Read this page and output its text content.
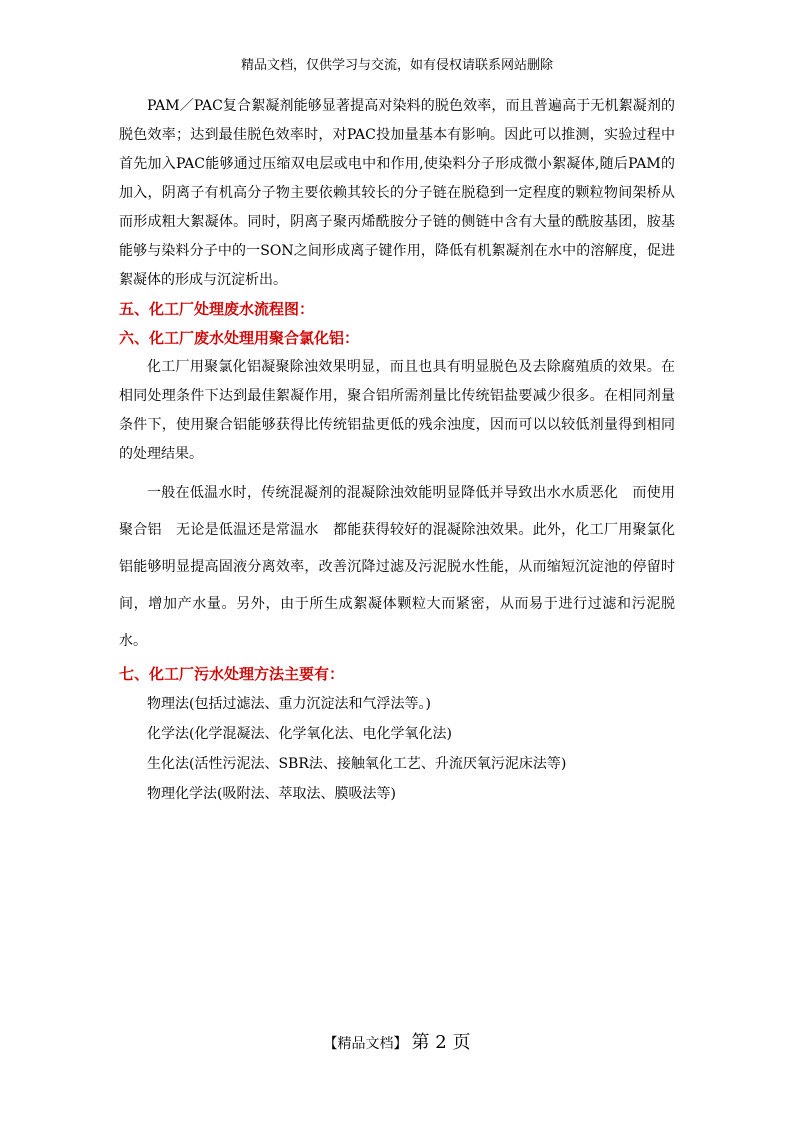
精品文档，仅供学习与交流，如有侵权请联系网站删除

PAM／PAC复合絮凝剂能够显著提高对染料的脱色效率，而且普遍高于无机絮凝剂的脱色效率；达到最佳脱色效率时，对PAC投加量基本有影响。因此可以推测，实验过程中首先加入PAC能够通过压缩双电层或电中和作用,使染料分子形成微小絮凝体,随后PAM的加入，阴离子有机高分子物主要依赖其较长的分子链在脱稳到一定程度的颗粒物间架桥从而形成粗大絮凝体。同时，阴离子聚丙烯酰胺分子链的侧链中含有大量的酰胺基团，胺基能够与染料分子中的一SON之间形成离子键作用，降低有机絮凝剂在水中的溶解度，促进絮凝体的形成与沉淀析出。

五、化工厂处理废水流程图：

六、化工厂废水处理用聚合氯化铝：

化工厂用聚氯化铝凝聚除浊效果明显，而且也具有明显脱色及去除腐殖质的效果。在相同处理条件下达到最佳絮凝作用，聚合铝所需剂量比传统铝盐要减少很多。在相同剂量条件下，使用聚合铝能够获得比传统铝盐更低的残余浊度，因而可以以较低剂量得到相同的处理结果。

一般在低温水时，传统混凝剂的混凝除浊效能明显降低并导致出水水质恶化　而使用聚合铝　无论是低温还是常温水　都能获得较好的混凝除浊效果。此外，化工厂用聚氯化铝能够明显提高固液分离效率，改善沉降过滤及污泥脱水性能，从而缩短沉淀池的停留时间，增加产水量。另外，由于所生成絮凝体颗粒大而紧密，从而易于进行过滤和污泥脱水。

七、化工厂污水处理方法主要有：

物理法(包括过滤法、重力沉淀法和气浮法等。)

化学法(化学混凝法、化学氧化法、电化学氧化法)

生化法(活性污泥法、SBR法、接触氧化工艺、升流厌氧污泥床法等)

物理化学法(吸附法、萃取法、膜吸法等)

【精品文档】 第 2 页
